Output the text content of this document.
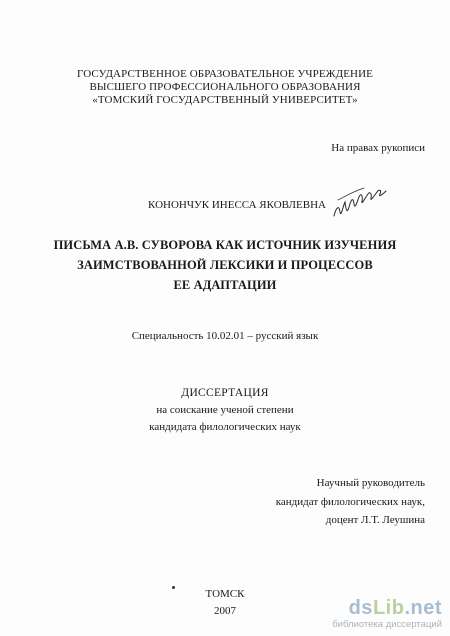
ГОСУДАРСТВЕННОЕ ОБРАЗОВАТЕЛЬНОЕ УЧРЕЖДЕНИЕ
ВЫСШЕГО ПРОФЕССИОНАЛЬНОГО ОБРАЗОВАНИЯ
«ТОМСКИЙ ГОСУДАРСТВЕННЫЙ УНИВЕРСИТЕТ»
На правах рукописи
КОНОНЧУК ИНЕССА ЯКОВЛЕВНА
ПИСЬМА А.В. СУВОРОВА КАК ИСТОЧНИК ИЗУЧЕНИЯ
ЗАИМСТВОВАННОЙ ЛЕКСИКИ И ПРОЦЕССОВ
ЕЕ АДАПТАЦИИ
Специальность 10.02.01 – русский язык
ДИССЕРТАЦИЯ
на соискание ученой степени
кандидата филологических наук
Научный руководитель
кандидат филологических наук,
доцент Л.Т. Леушина
ТОМСК
2007	dsLib.net
библиотека диссертаций
